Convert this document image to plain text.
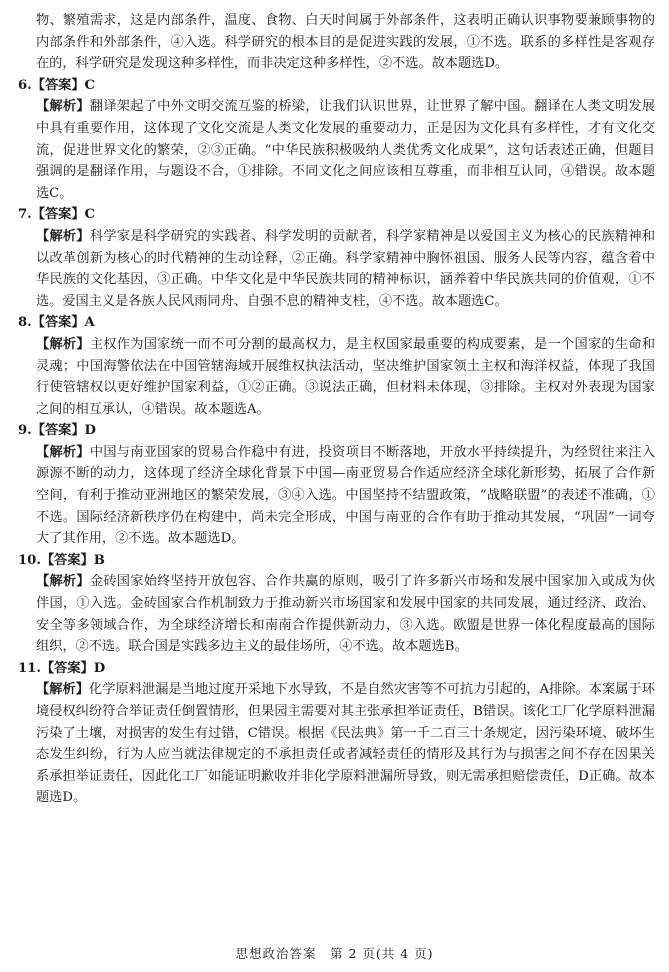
物、繁殖需求，这是内部条件，温度、食物、白天时间属于外部条件，这表明正确认识事物要兼顾事物的内部条件和外部条件，④入选。科学研究的根本目的是促进实践的发展，①不选。联系的多样性是客观存在的，科学研究是发现这种多样性，而非决定这种多样性，②不选。故本题选D。

6.【答案】C

【解析】翻译架起了中外文明交流互鉴的桥梁，让我们认识世界，让世界了解中国。翻译在人类文明发展中具有重要作用，这体现了文化交流是人类文化发展的重要动力，正是因为文化具有多样性，才有文化交流，促进世界文化的繁荣，②③正确。“中华民族积极吸纳人类优秀文化成果”，这句话表述正确，但题目强调的是翻译作用，与题设不合，①排除。不同文化之间应该相互尊重，而非相互认同，④错误。故本题选C。

7.【答案】C

【解析】科学家是科学研究的实践者、科学发明的贡献者，科学家精神是以爱国主义为核心的民族精神和以改革创新为核心的时代精神的生动诠释，②正确。科学家精神中胸怀祖国、服务人民等内容，蕴含着中华民族的文化基因，③正确。中华文化是中华民族共同的精神标识，涵养着中华民族共同的价值观，①不选。爱国主义是各族人民风雨同舟、自强不息的精神支柱，④不选。故本题选C。

8.【答案】A

【解析】主权作为国家统一而不可分割的最高权力，是主权国家最重要的构成要素，是一个国家的生命和灵魂；中国海警依法在中国管辖海域开展维权执法活动，坚决维护国家领土主权和海洋权益，体现了我国行使管辖权以更好维护国家利益，①②正确。③说法正确，但材料未体现，③排除。主权对外表现为国家之间的相互承认，④错误。故本题选A。

9.【答案】D

【解析】中国与南亚国家的贸易合作稳中有进，投资项目不断落地，开放水平持续提升，为经贸往来注入源源不断的动力，这体现了经济全球化背景下中国—南亚贸易合作适应经济全球化新形势，拓展了合作新空间，有利于推动亚洲地区的繁荣发展，③④入选。中国坚持不结盟政策，“战略联盟”的表述不准确，①不选。国际经济新秩序仍在构建中，尚未完全形成，中国与南亚的合作有助于推动其发展，“巩固”一词夸大了其作用，②不选。故本题选D。

10.【答案】B

【解析】金砖国家始终坚持开放包容、合作共赢的原则，吸引了许多新兴市场和发展中国家加入或成为伙伴国，①入选。金砖国家合作机制致力于推动新兴市场国家和发展中国家的共同发展，通过经济、政治、安全等多领域合作，为全球经济增长和南南合作提供新动力，③入选。欧盟是世界一体化程度最高的国际组织，②不选。联合国是实践多边主义的最佳场所，④不选。故本题选B。

11.【答案】D

【解析】化学原料泄漏是当地过度开采地下水导致，不是自然灾害等不可抗力引起的，A排除。本案属于环境侵权纠纷符合举证责任倒置情形，但果园主需要对其主张承担举证责任，B错误。该化工厂化学原料泄漏污染了土壤，对损害的发生有过错，C错误。根据《民法典》第一千二百三十条规定，因污染环境、破坏生态发生纠纷，行为人应当就法律规定的不承担责任或者减轻责任的情形及其行为与损害之间不存在因果关系承担举证责任，因此化工厂如能证明歉收并非化学原料泄漏所导致，则无需承担赔偿责任，D正确。故本题选D。

思想政治答案　第 2 页(共 4 页)
